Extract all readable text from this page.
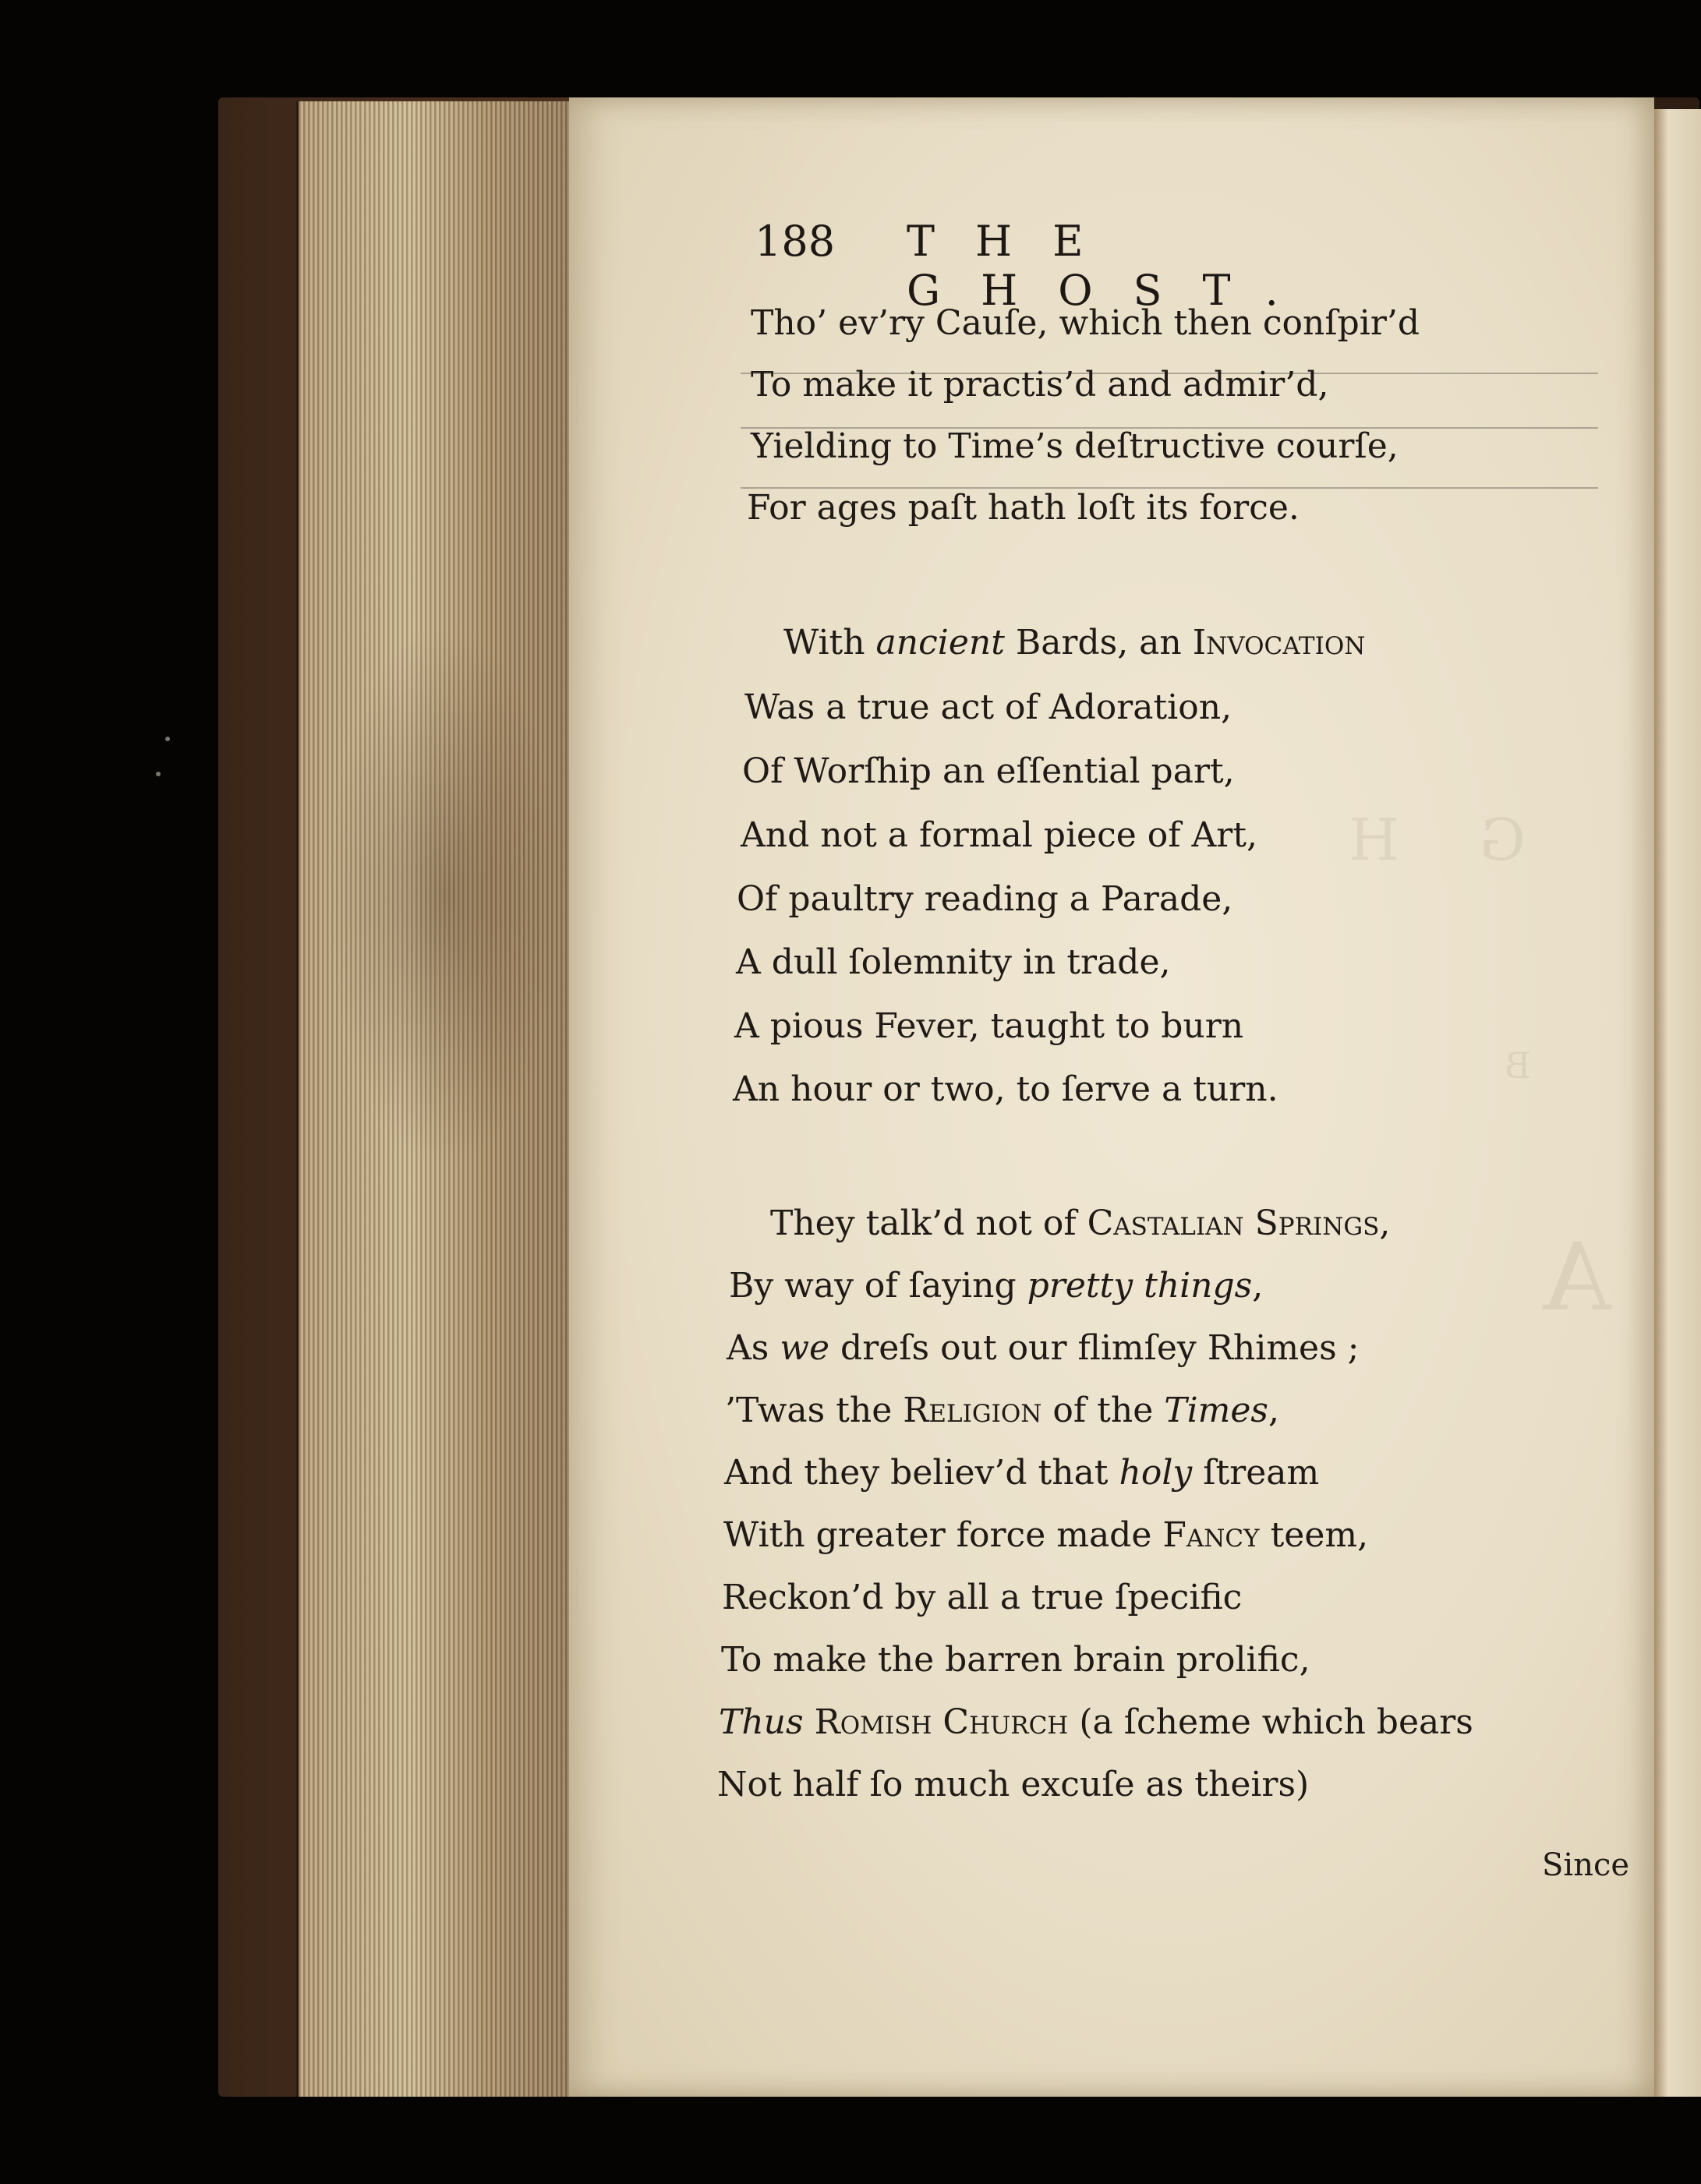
G H
B
A
188 THE GHOST.
Tho’ ev’ry Cauſe, which then conſpir’d
To make it practis’d and admir’d,
Yielding to Time’s deſtructive courſe,
For ages paſt hath loſt its force.
With ancient Bards, an Invocation
Was a true act of Adoration,
Of Worſhip an eſſential part,
And not a formal piece of Art,
Of paultry reading a Parade,
A dull ſolemnity in trade,
A pious Fever, taught to burn
An hour or two, to ſerve a turn.
They talk’d not of Castalian Springs,
By way of ſaying pretty things,
As we dreſs out our flimſey Rhimes ;
’Twas the Religion of the Times,
And they believ’d that holy ſtream
With greater force made Fancy teem,
Reckon’d by all a true ſpecific
To make the barren brain prolific,
Thus Romish Church (a ſcheme which bears
Not half ſo much excuſe as theirs)
Since
